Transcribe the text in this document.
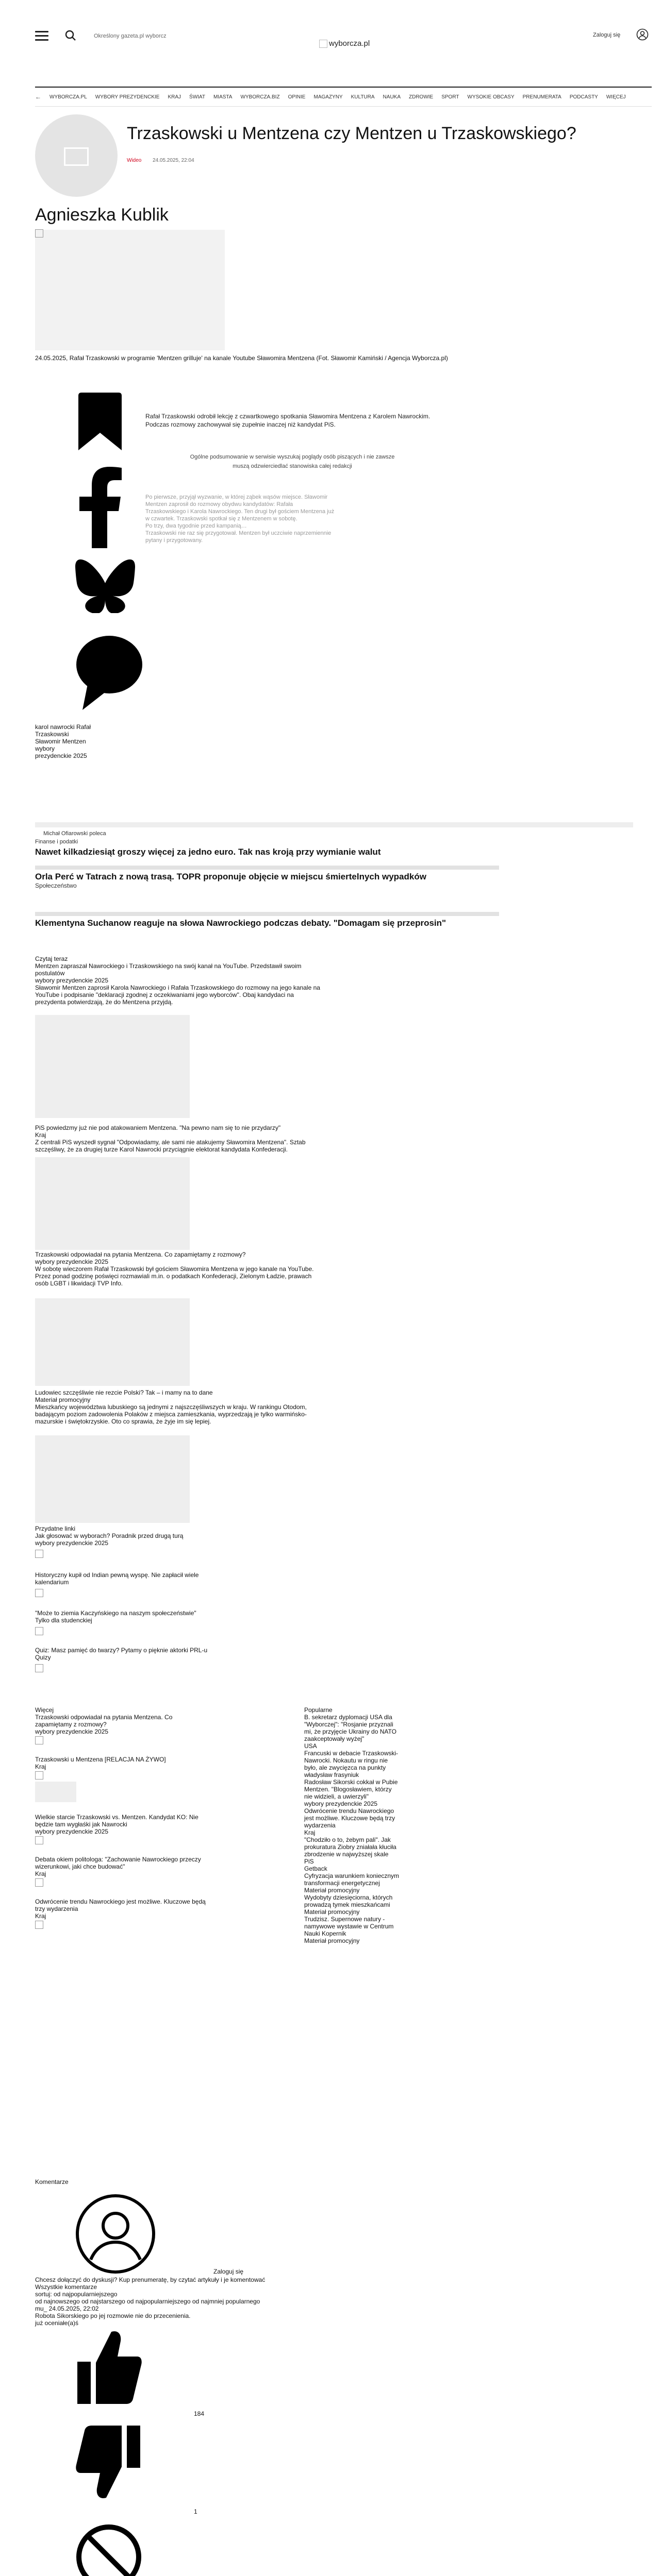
Określony gazeta.pl wyborcz
wyborcza.pl
Zaloguj się
← WYBORCZA.PL WYBORY PREZYDENCKIE KRAJ ŚWIAT MIASTA WYBORCZA.BIZ OPINIE MAGAZYNY KULTURA NAUKA ZDROWIE SPORT WYSOKIE OBCASY PRENUMERATA PODCASTY WIĘCEJ
Trzaskowski u Mentzena czy Mentzen u Trzaskowskiego?
Wideo 24.05.2025, 22:04
Agnieszka Kublik
24.05.2025, Rafał Trzaskowski w programie 'Mentzen grilluje' na kanale Youtube Sławomira Mentzena (Fot. Sławomir Kamiński / Agencja Wyborcza.pl)
Rafał Trzaskowski odrobił lekcję z czwartkowego spotkania Sławomira Mentzena z Karolem Nawrockim. Podczas rozmowy zachowywał się zupełnie inaczej niż kandydat PiS.
Ogólne podsumowanie w serwisie wyszukaj poglądy osób piszących i nie zawsze
muszą odzwierciedlać stanowiska całej redakcji
Po pierwsze, przyjął wyzwanie, w której ząbek wąsów miejsce. Sławomir
Mentzen zaprosił do rozmowy obydwu kandydatów: Rafała
Trzaskowskiego i Karola Nawrockiego. Ten drugi był gościem Mentzena już
w czwartek. Trzaskowski spotkał się z Mentzenem w sobotę.
Po trzy, dwa tygodnie przed kampanią…
Trzaskowski nie raz się przygotował. Mentzen był uczciwie naprzemiennie
pytany i przygotowany.
karol nawrocki Rafał
Trzaskowski
Sławomir Mentzen
wybory
prezydenckie 2025
Michał Ofiarowski poleca
Finanse i podatki
Nawet kilkadziesiąt groszy więcej za jedno euro. Tak nas kroją przy wymianie walut
Orla Perć w Tatrach z nową trasą. TOPR proponuje objęcie w miejscu śmiertelnych wypadków
Społeczeństwo
Klementyna Suchanow reaguje na słowa Nawrockiego podczas debaty. "Domagam się przeprosin"
Czytaj teraz
Mentzen zapraszał Nawrockiego i Trzaskowskiego na swój kanał na YouTube. Przedstawił swoim
postulatów
wybory prezydenckie 2025
Sławomir Mentzen zaprosił Karola Nawrockiego i Rafała Trzaskowskiego do rozmowy na jego kanale na
YouTube i podpisanie "deklaracji zgodnej z oczekiwaniami jego wyborców". Obaj kandydaci na
prezydenta potwierdzają, że do Mentzena przyjdą.
PiS powiedzmy już nie pod atakowaniem Mentzena. "Na pewno nam się to nie przydarzy"
Kraj
Z centrali PiS wyszedł sygnał "Odpowiadamy, ale sami nie atakujemy Sławomira Mentzena". Sztab
szczęśliwy, że za drugiej turze Karol Nawrocki przyciągnie elektorat kandydata Konfederacji.
Trzaskowski odpowiadał na pytania Mentzena. Co zapamiętamy z rozmowy?
wybory prezydenckie 2025
W sobotę wieczorem Rafał Trzaskowski był gościem Sławomira Mentzena w jego kanale na YouTube.
Przez ponad godzinę poświęci rozmawiali m.in. o podatkach Konfederacji, Zielonym Ładzie, prawach
osób LGBT i likwidacji TVP Info.
Ludowiec szczęśliwie nie rezcie Polski? Tak – i mamy na to dane
Materiał promocyjny
Mieszkańcy województwa lubuskiego są jednymi z najszczęśliwszych w kraju. W rankingu Otodom,
badającym poziom zadowolenia Polaków z miejsca zamieszkania, wyprzedzają je tylko warmińsko-
mazurskie i świętokrzyskie. Oto co sprawia, że żyje im się lepiej.
Przydatne linki
Jak głosować w wyborach? Poradnik przed drugą turą
wybory prezydenckie 2025
Historyczny kupił od Indian pewną wyspę. Nie zapłacił wiele
kalendarium
"Może to ziemia Kaczyńskiego na naszym społeczeństwie"
Tylko dla studenckiej
Quiz: Masz pamięć do twarzy? Pytamy o pięknie aktorki PRL-u
Quizy
Więcej
Trzaskowski odpowiadał na pytania Mentzena. Co
zapamiętamy z rozmowy?
wybory prezydenckie 2025
Trzaskowski u Mentzena [RELACJA NA ŻYWO]
Kraj
Wielkie starcie Trzaskowski vs. Mentzen. Kandydat KO: Nie
będzie tam wygłaśki jak Nawrocki
wybory prezydenckie 2025
Debata okiem politologa: "Zachowanie Nawrockiego przeczy
wizerunkowi, jaki chce budować"
Kraj
Odwrócenie trendu Nawrockiego jest możliwe. Kluczowe będą
trzy wydarzenia
Kraj
Popularne
B. sekretarz dyplomacji USA dla
"Wyborczej": "Rosjanie przyznali
mi, że przyjęcie Ukrainy do NATO
zaakceptowały wyżej"
USA
Francuski w debacie Trzaskowski-
Nawrocki. Nokautu w ringu nie
było, ale zwycięzca na punkty
władysław frasyniuk
Radosław Sikorski cokkał w Pubie
Mentzen. "Blogosławiem, którzy
nie widzieli, a uwierzyli"
wybory prezydenckie 2025
Odwrócenie trendu Nawrockiego
jest możliwe. Kluczowe będą trzy
wydarzenia
Kraj
"Chodziło o to, żebym pali". Jak
prokuratura Ziobry zniałała kłuciła
zbrodzenie w najwyższej skale
PiS
Getback
Cyfryzacja warunkiem koniecznym
transformacji energetycznej
Materiał promocyjny
Wydobyty dziesięciorna, których
prowadzą tymek mieszkańcami
Materiał promocyjny
Trudzisz. Supernowe natury -
namywowe wystawie w Centrum
Nauki Kopernik
Materiał promocyjny
Komentarze
Zaloguj się
Chcesz dołączyć do dyskusji? Kup prenumeratę, by czytać artykuły i je komentować
Wszystkie komentarze
sortuj: od najpopularniejszego
od najnowszego od najstarszego od najpopularniejszego od najmniej popularnego
mu_ 24.05.2025, 22:02
Robota Sikorskiego po jej rozmowie nie do przecenienia.
już oceniałe(a)ś
184
1
